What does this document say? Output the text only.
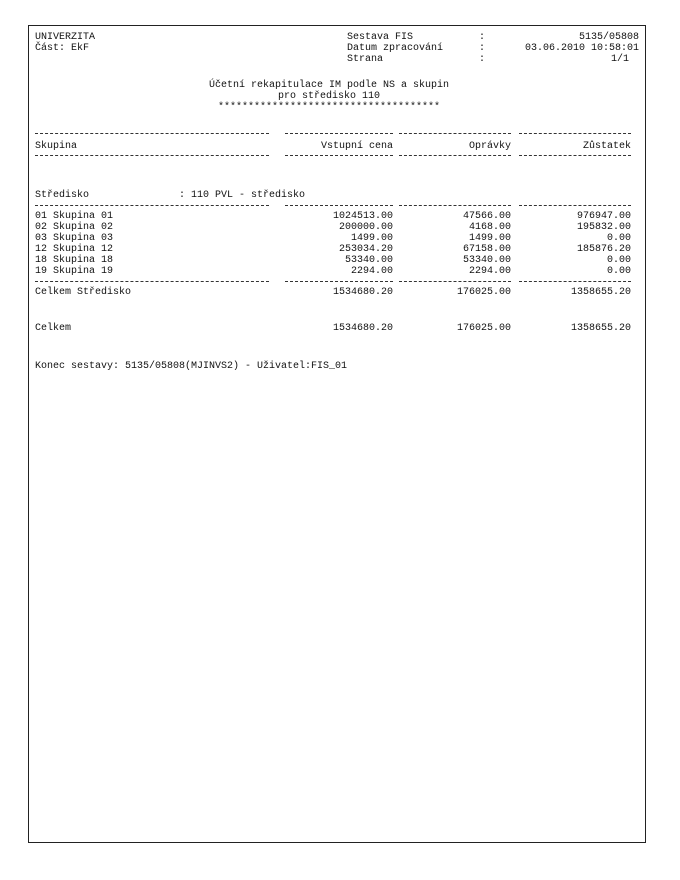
UNIVERZITA
Část: EkF
Sestava FIS	:	5135/05808
Datum zpracování	:	03.06.2010 10:58:01
Strana	:	1/1
Účetní rekapitulace IM podle NS a skupin
pro středisko 110
*************************************
Skupina	Vstupní cena	Oprávky	Zůstatek
Středisko	: 110 PVL - středisko
01 Skupina 01	1024513.00	47566.00	976947.00
02 Skupina 02	200000.00	4168.00	195832.00
03 Skupina 03	1499.00	1499.00	0.00
12 Skupina 12	253034.20	67158.00	185876.20
18 Skupina 18	53340.00	53340.00	0.00
19 Skupina 19	2294.00	2294.00	0.00
Celkem Středisko	1534680.20	176025.00	1358655.20
Celkem	1534680.20	176025.00	1358655.20
Konec sestavy: 5135/05808(MJINVS2) - Uživatel:FIS_01
